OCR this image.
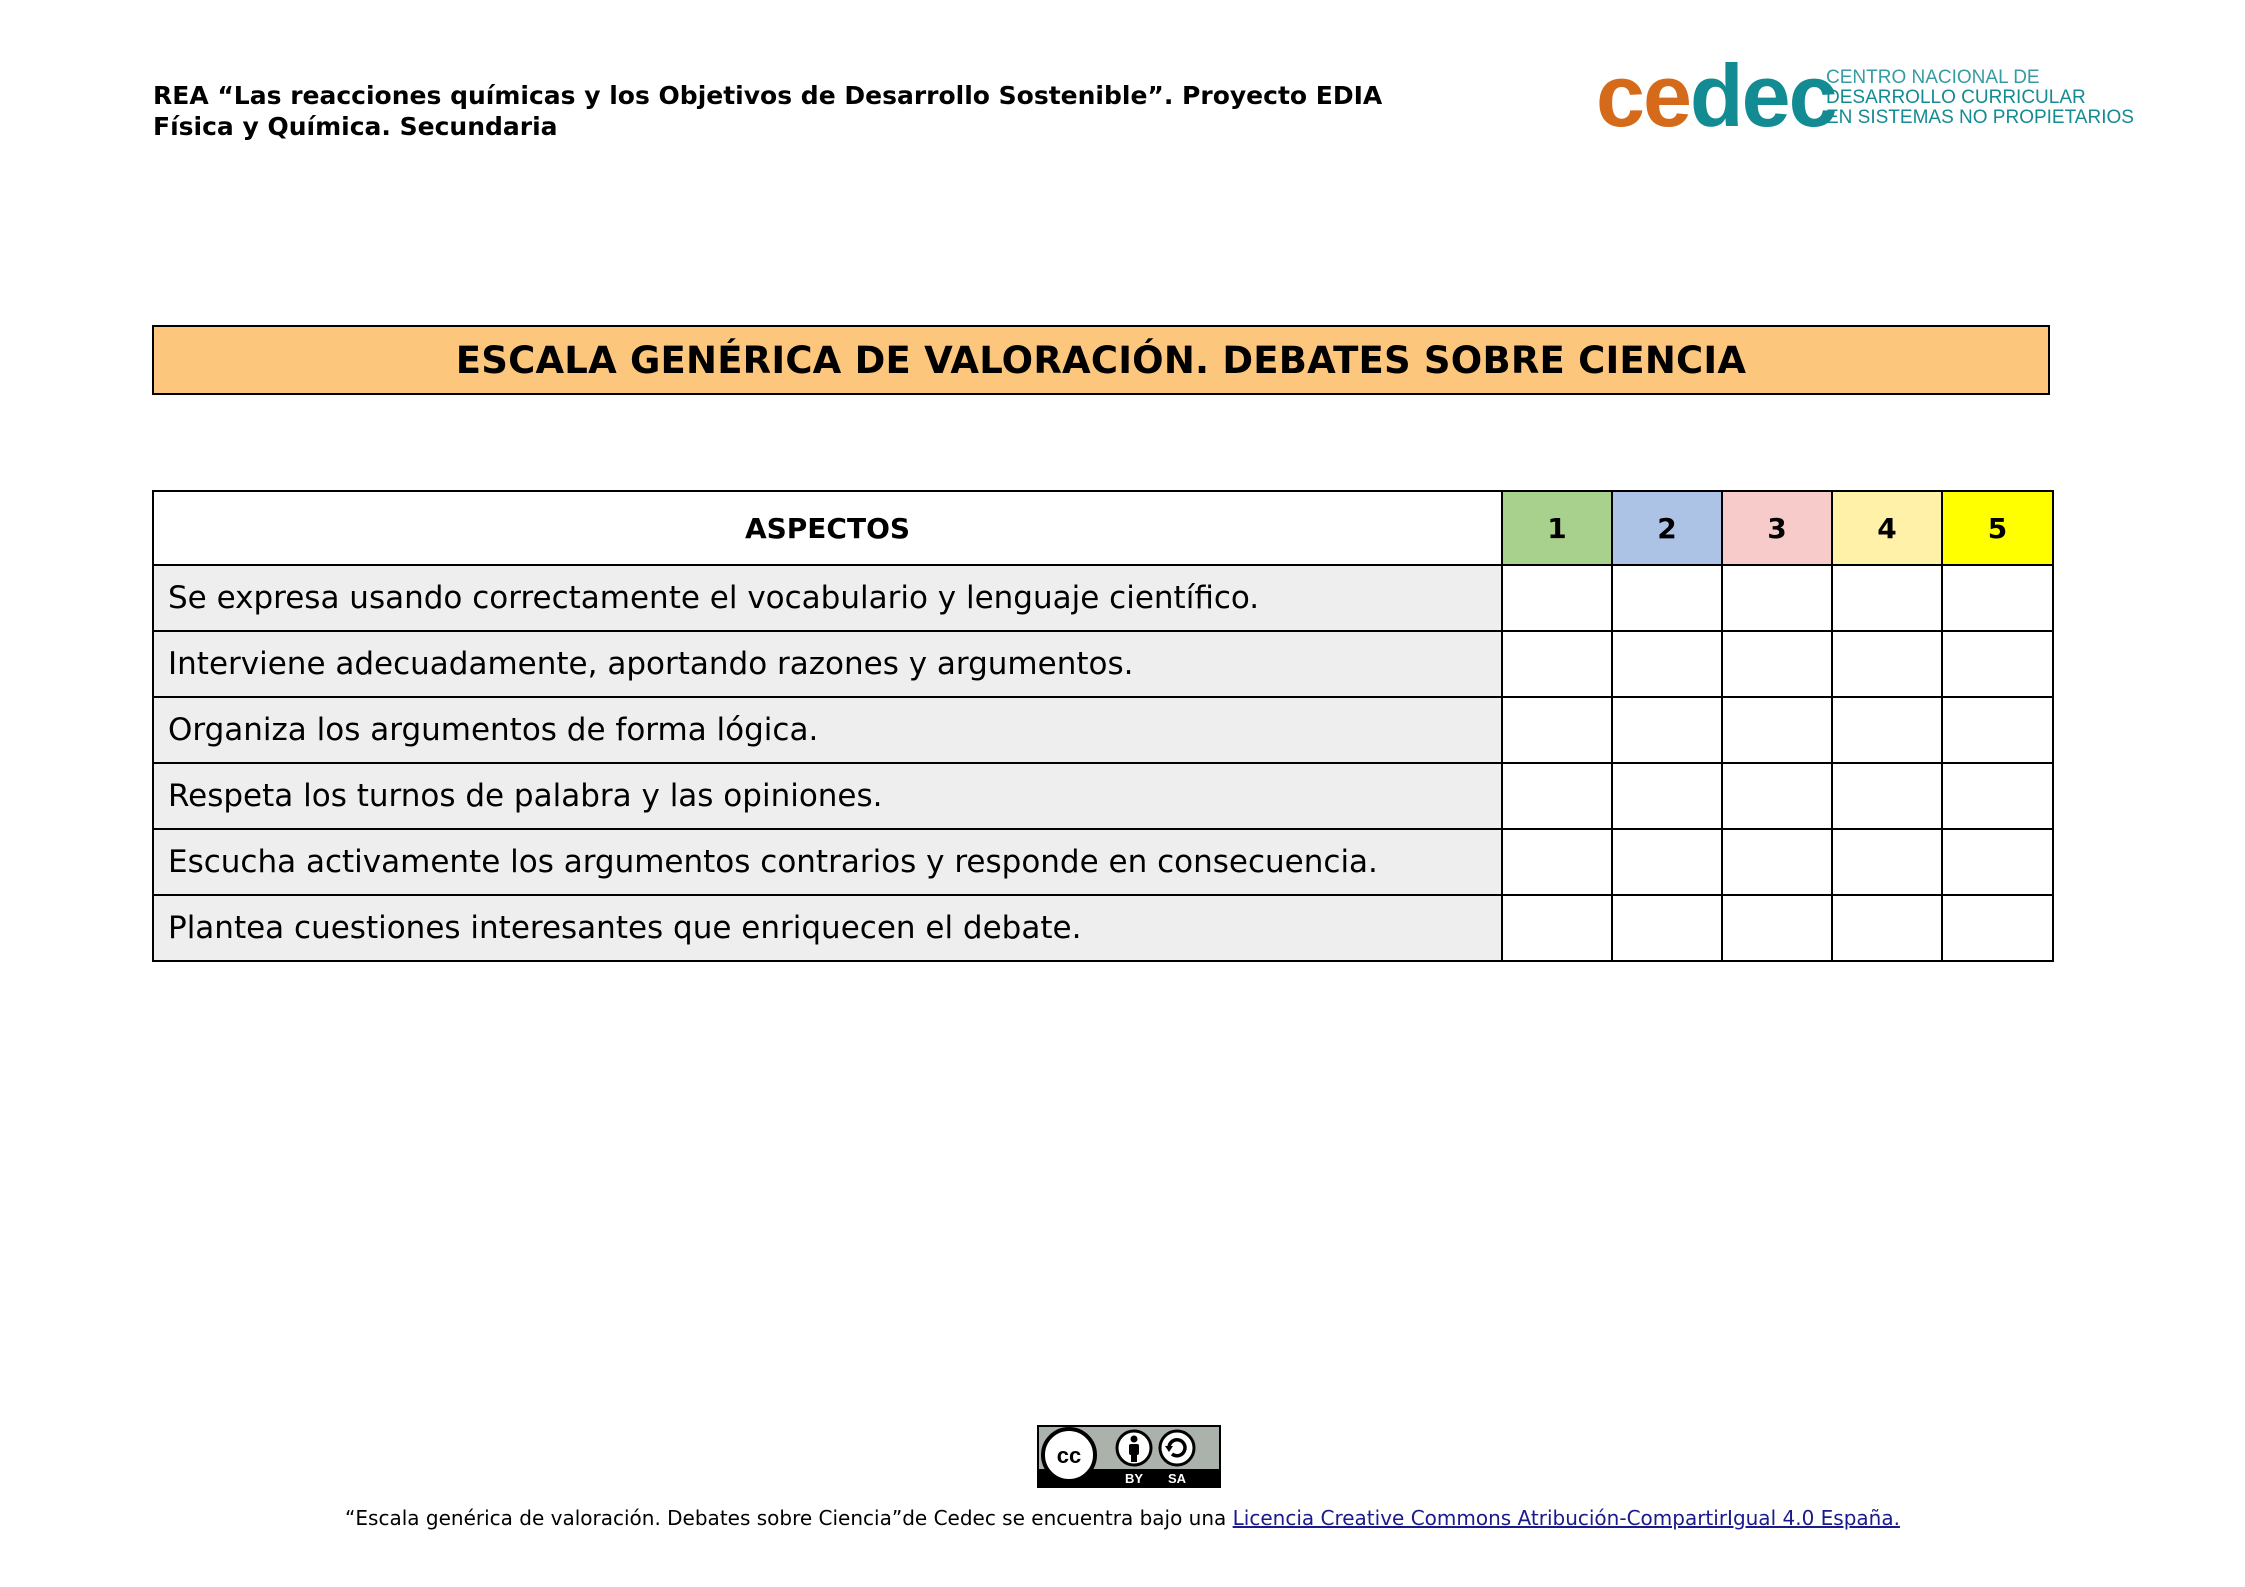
REA “Las reacciones químicas y los Objetivos de Desarrollo Sostenible”. Proyecto EDIA
Física y Química. Secundaria	cedec
CENTRO NACIONAL DE
DESARROLLO CURRICULAR
EN SISTEMAS NO PROPIETARIOS
ESCALA GENÉRICA DE VALORACIÓN. DEBATES SOBRE CIENCIA
ASPECTOS	1	2	3	4	5
Se expresa usando correctamente el vocabulario y lenguaje científico.					
Interviene adecuadamente, aportando razones y argumentos.					
Organiza los argumentos de forma lógica.					
Respeta los turnos de palabra y las opiniones.					
Escucha activamente los argumentos contrarios y responde en consecuencia.					
Plantea cuestiones interesantes que enriquecen el debate.					
cc
BY SA
“Escala genérica de valoración. Debates sobre Ciencia”de Cedec se encuentra bajo una Licencia Creative Commons Atribución-CompartirIgual 4.0 España.
